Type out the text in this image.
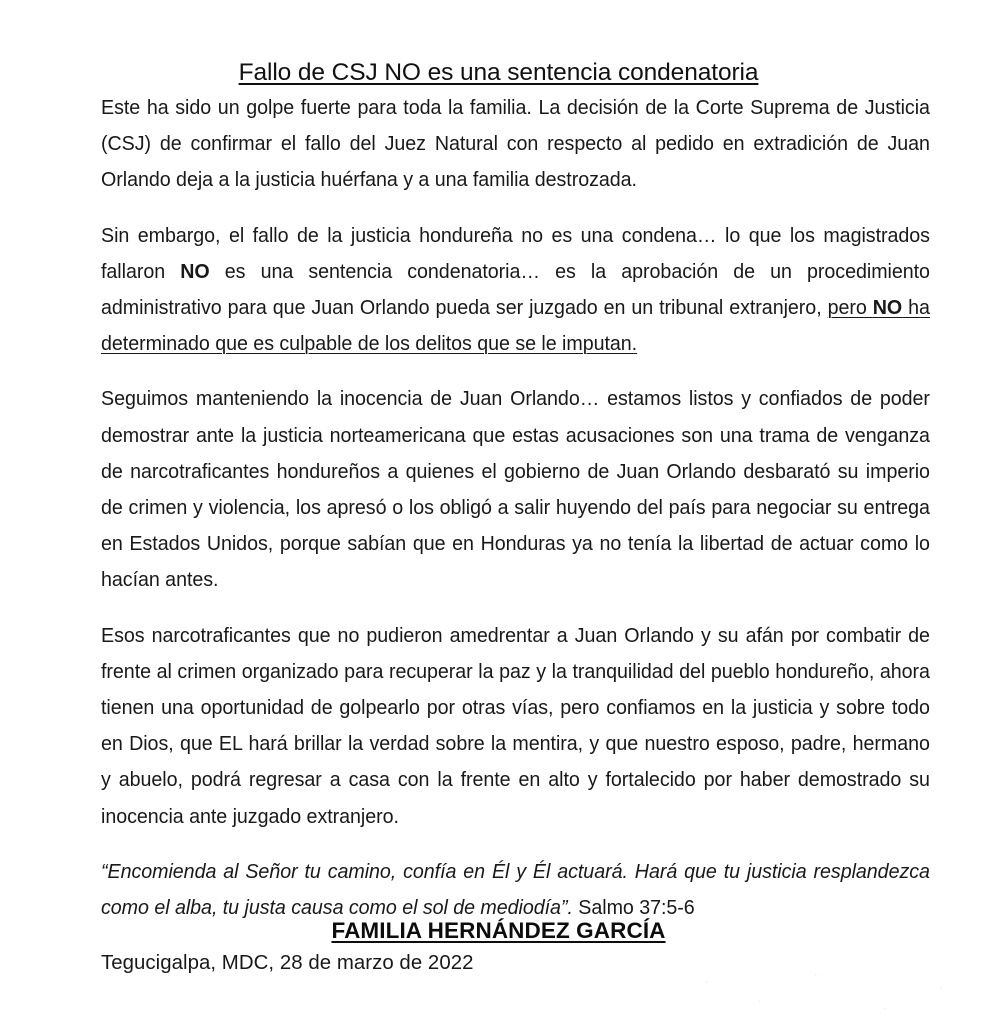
Fallo de CSJ NO es una sentencia condenatoria

Este ha sido un golpe fuerte para toda la familia. La decisión de la Corte Suprema de Justicia (CSJ) de confirmar el fallo del Juez Natural con respecto al pedido en extradición de Juan Orlando deja a la justicia huérfana y a una familia destrozada.

Sin embargo, el fallo de la justicia hondureña no es una condena… lo que los magistrados fallaron NO es una sentencia condenatoria… es la aprobación de un procedimiento administrativo para que Juan Orlando pueda ser juzgado en un tribunal extranjero, pero NO ha determinado que es culpable de los delitos que se le imputan.

Seguimos manteniendo la inocencia de Juan Orlando… estamos listos y confiados de poder demostrar ante la justicia norteamericana que estas acusaciones son una trama de venganza de narcotraficantes hondureños a quienes el gobierno de Juan Orlando desbarató su imperio de crimen y violencia, los apresó o los obligó a salir huyendo del país para negociar su entrega en Estados Unidos, porque sabían que en Honduras ya no tenía la libertad de actuar como lo hacían antes.

Esos narcotraficantes que no pudieron amedrentar a Juan Orlando y su afán por combatir de frente al crimen organizado para recuperar la paz y la tranquilidad del pueblo hondureño, ahora tienen una oportunidad de golpearlo por otras vías, pero confiamos en la justicia y sobre todo en Dios, que EL hará brillar la verdad sobre la mentira, y que nuestro esposo, padre, hermano y abuelo, podrá regresar a casa con la frente en alto y fortalecido por haber demostrado su inocencia ante juzgado extranjero.

“Encomienda al Señor tu camino, confía en Él y Él actuará. Hará que tu justicia resplandezca como el alba, tu justa causa como el sol de mediodía”. Salmo 37:5-6

Tegucigalpa, MDC, 28 de marzo de 2022

FAMILIA HERNÁNDEZ GARCÍA
